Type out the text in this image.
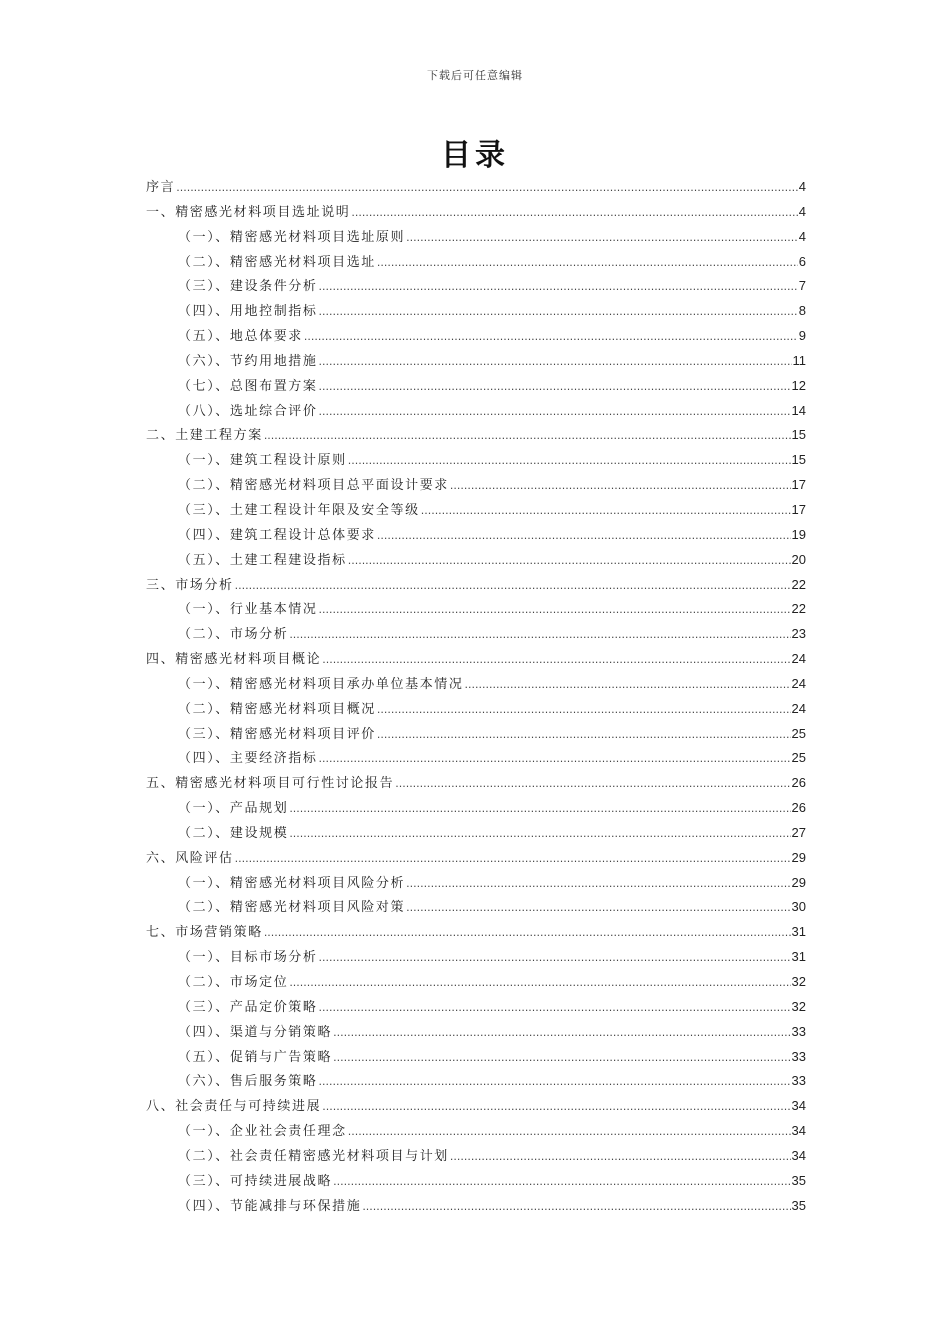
下载后可任意编辑
目录
序言 .....	4
一、精密感光材料项目选址说明 .....	4
（一）、精密感光材料项目选址原则 .....	4
（二）、精密感光材料项目选址 .....	6
（三）、建设条件分析 .....	7
（四）、用地控制指标 .....	8
（五）、地总体要求 .....	9
（六）、节约用地措施 .....	11
（七）、总图布置方案 .....	12
（八）、选址综合评价 .....	14
二、土建工程方案 .....	15
（一）、建筑工程设计原则 .....	15
（二）、精密感光材料项目总平面设计要求 .....	17
（三）、土建工程设计年限及安全等级 .....	17
（四）、建筑工程设计总体要求 .....	19
（五）、土建工程建设指标 .....	20
三、市场分析 .....	22
（一）、行业基本情况 .....	22
（二）、市场分析 .....	23
四、精密感光材料项目概论 .....	24
（一）、精密感光材料项目承办单位基本情况 .....	24
（二）、精密感光材料项目概况 .....	24
（三）、精密感光材料项目评价 .....	25
（四）、主要经济指标 .....	25
五、精密感光材料项目可行性讨论报告 .....	26
（一）、产品规划 .....	26
（二）、建设规模 .....	27
六、风险评估 .....	29
（一）、精密感光材料项目风险分析 .....	29
（二）、精密感光材料项目风险对策 .....	30
七、市场营销策略 .....	31
（一）、目标市场分析 .....	31
（二）、市场定位 .....	32
（三）、产品定价策略 .....	32
（四）、渠道与分销策略 .....	33
（五）、促销与广告策略 .....	33
（六）、售后服务策略 .....	33
八、社会责任与可持续进展 .....	34
（一）、企业社会责任理念 .....	34
（二）、社会责任精密感光材料项目与计划 .....	34
（三）、可持续进展战略 .....	35
（四）、节能减排与环保措施 .....	35
